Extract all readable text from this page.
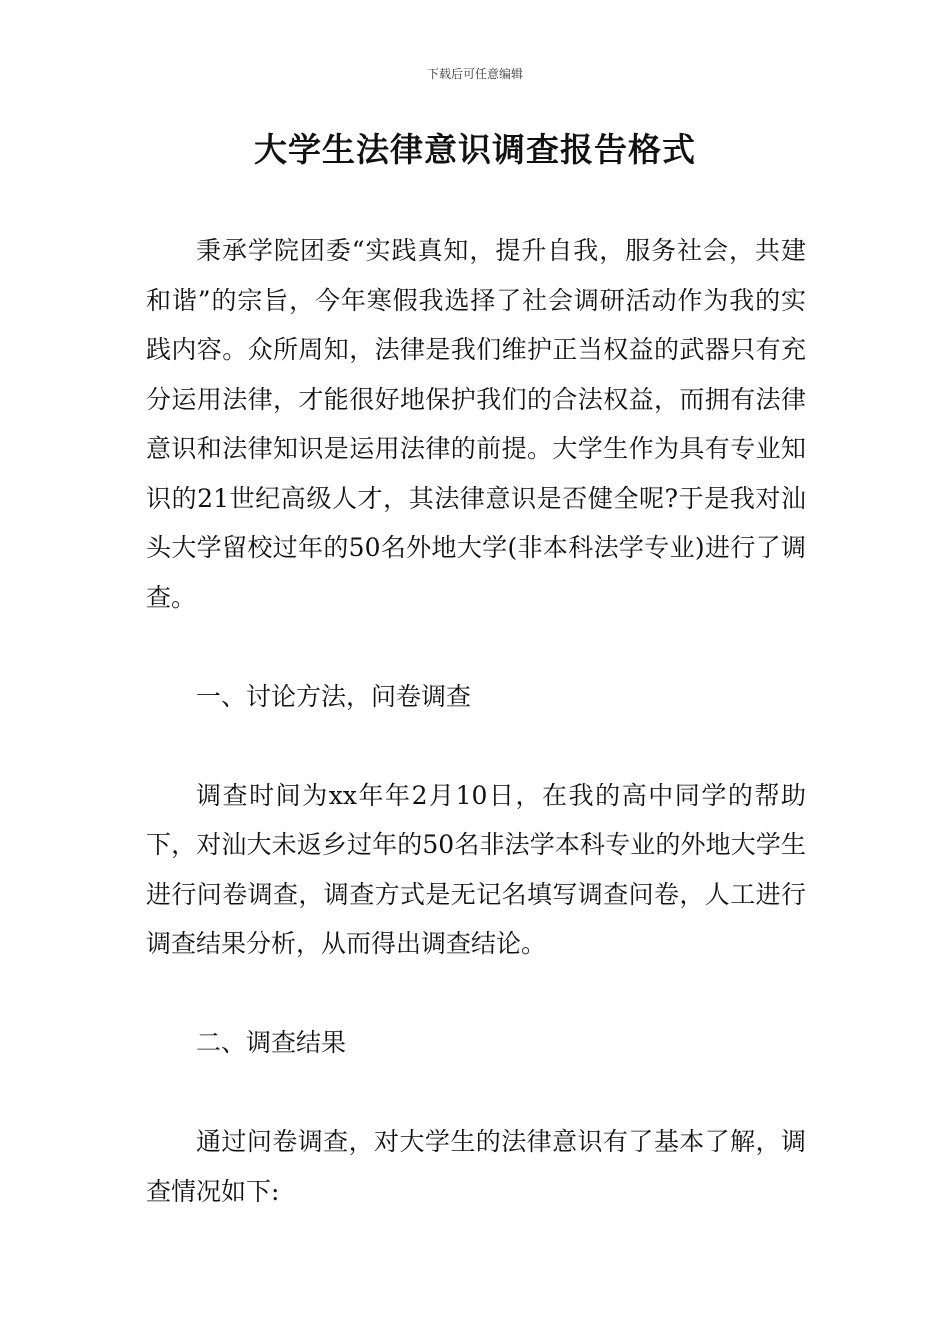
下载后可任意编辑
大学生法律意识调查报告格式

秉承学院团委“实践真知，提升自我，服务社会，共建和谐”的宗旨，今年寒假我选择了社会调研活动作为我的实践内容。众所周知，法律是我们维护正当权益的武器只有充分运用法律，才能很好地保护我们的合法权益，而拥有法律意识和法律知识是运用法律的前提。大学生作为具有专业知识的21世纪高级人才，其法律意识是否健全呢?于是我对汕头大学留校过年的50名外地大学(非本科法学专业)进行了调查。

一、讨论方法，问卷调查

调查时间为xx年年2月10日，在我的高中同学的帮助下，对汕大未返乡过年的50名非法学本科专业的外地大学生进行问卷调查，调查方式是无记名填写调查问卷，人工进行调查结果分析，从而得出调查结论。

二、调查结果

通过问卷调查，对大学生的法律意识有了基本了解，调查情况如下:
